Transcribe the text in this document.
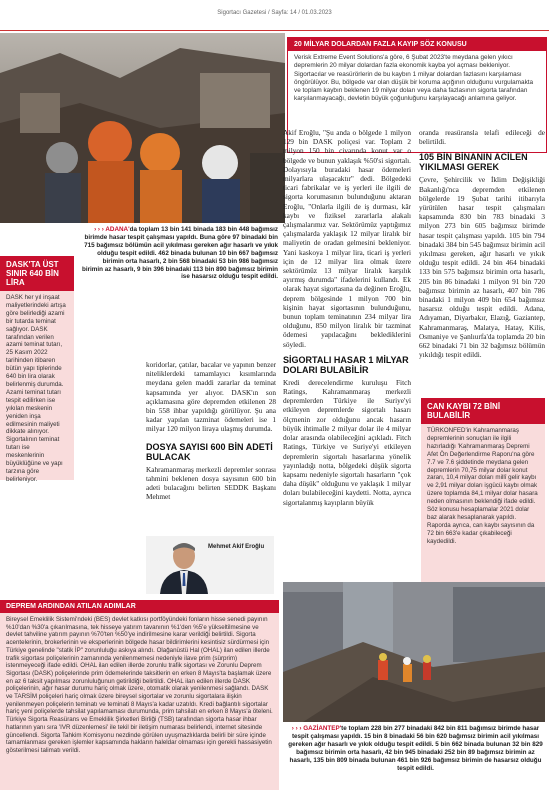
Sigortacı Gazetesi / Sayfa: 14 / 01.03.2023
20 MİLYAR DOLARDAN FAZLA KAYIP SÖZ KONUSU
Verisk Extreme Event Solutions'a göre, 6 Şubat 2023'te meydana gelen yıkıcı depremlerin 20 milyar dolardan fazla ekonomik kayba yol açması bekleniyor. Sigortacılar ve reasürörlerin de bu kaybın 1 milyar dolardan fazlasını karşılaması öngörülüyor. Bu, bölgede var olan düşük bir koruma açığının olduğunu vurgulamakta ve toplam kaybın beklenen 19 milyar doları veya daha fazlasının sigorta tarafından karşılanmayacağı, devletin büyük çoğunluğunu karşılayacağı anlamına geliyor.
DASK'TA ÜST SINIR 640 BİN LİRA
DASK her yıl inşaat maliyetlerindeki artışa göre belirlediği azami bir tutarda teminat sağlıyor. DASK tarafından verilen azami teminat tutarı, 25 Kasım 2022 tarihinden itibaren bütün yapı tiplerinde 640 bin lira olarak belirlenmiş durumda. Azami teminat tutarı tespit edilirken ise yıkılan meskenin yeniden inşa edilmesinin maliyeti dikkate alınıyor. Sigortalının teminat tutarı ise meskenlerinin büyüklüğüne ve yapı tarzına göre belirleniyor.
› › › ADANA'da toplam 13 bin 141 binada 183 bin 448 bağımsız birimde hasar tespit çalışması yapıldı. Buna göre 97 binadaki bin 715 bağımsız bölümün acil yıkılması gereken ağır hasarlı ve yıkık olduğu tespit edildi. 462 binada bulunan 10 bin 667 bağımsız birimin orta hasarlı, 2 bin 568 binadaki 53 bin 986 bağımsız birimin az hasarlı, 9 bin 396 binadaki 113 bin 890 bağımsız birimin ise hasarsız olduğu tespit edildi.
koridorlar, çatılar, bacalar ve yapının benzer niteliklerdeki tamamlayıcı kısımlarında meydana gelen maddi zararlar da teminat kapsamında yer alıyor. DASK'ın son açıklamasına göre depremden etkilenen 28 bin 558 ihbar yapıldığı görülüyor. Şu ana kadar yapılan tazminat ödemeleri ise 1 milyar 120 milyon liraya ulaşmış durumda.
DOSYA SAYISI 600 BİN ADETİ BULACAK
Kahramanmaraş merkezli depremler sonrası tahmini beklenen dosya sayısının 600 bin adeti bulacağını belirten SEDDK Başkanı Mehmet
Mehmet Akif Eroğlu
Akif Eroğlu, "Şu anda o bölgede 1 milyon 129 bin DASK poliçesi var. Toplam 2 milyon 150 bin civarında konut var o bölgede ve bunun yaklaşık %50'si sigortalı. Dolayısıyla buradaki hasar ödemeleri milyarlara ulaşacaktır" dedi. Bölgedeki ticari fabrikalar ve iş yerleri ile ilgili de sigorta korumasının bulunduğunu aktaran Eroğlu, "Onlarla ilgili de iş durması, kâr kaybı ve fiziksel zararlarla alakalı çalışmalarımız var. Sektörümüz yaptığımız çalışmalarda yaklaşık 12 milyar liralık bir maliyetin de oradan gelmesini bekleniyor. Yani kaskoya 1 milyar lira, ticari iş yerleri için de 12 milyar lira olmak üzere sektörümüz 13 milyar liralık karşılık ayırmış durumda" ifadelerini kullandı. Ek olarak hayat sigortasına da değinen Eroğlu, deprem bölgesinde 1 milyon 700 bin kişinin hayat sigortasının bulunduğunu, bunun toplam teminatının 234 milyar lira olduğunu, 850 milyon liralık bir tazminat ödemesi yapılacağını beklediklerini söyledi.
SİGORTALI HASAR 1 MİLYAR DOLARI BULABİLİR
Kredi derecelendirme kuruluşu Fitch Ratings, Kahramanmaraş merkezli depremlerden Türkiye ile Suriye'yi etkileyen depremlerde sigortalı hasarı ölçmenin zor olduğunu ancak hasarın büyük ihtimalle 2 milyar dolar ile 4 milyar dolar arasında olabileceğini açıkladı. Fitch Ratings, Türkiye ve Suriye'yi etkileyen depremlerin sigortalı hasarlarına yönelik yayınladığı notta, bölgedeki düşük sigorta kapsamı nedeniyle sigortalı hasarların "çok daha düşük" olduğunu ve yaklaşık 1 milyar doları bulabileceğini kaydetti. Notta, ayrıca sigortalanmış kayıpların büyük
oranda reasüransla telafi edileceği de belirtildi.
105 BİN BİNANIN ACİLEN YIKILMASI GEREK
Çevre, Şehircilik ve İklim Değişikliği Bakanlığı'nca depremden etkilenen bölgelerde 19 Şubat tarihi itibarıyla yürütülen hasar tespit çalışmaları kapsamında 830 bin 783 binadaki 3 milyon 273 bin 605 bağımsız birimde hasar tespit çalışması yapıldı. 105 bin 794 binadaki 384 bin 545 bağımsız birimin acil yıkılması gereken, ağır hasarlı ve yıkık olduğu tespit edildi. 24 bin 464 binadaki 133 bin 575 bağımsız birimin orta hasarlı, 205 bin 86 binadaki 1 milyon 91 bin 720 bağımsız birimin az hasarlı, 407 bin 786 binadaki 1 milyon 409 bin 654 bağımsız hasarsız olduğu tespit edildi. Adana, Adıyaman, Diyarbakır, Elazığ, Gaziantep, Kahramanmaraş, Malatya, Hatay, Kilis, Osmaniye ve Şanlıurfa'da toplamda 20 bin 662 binadaki 71 bin 32 bağımsız bölümün yıkıldığı tespit edildi.
CAN KAYBI 72 BİNİ BULABİLİR
TÜRKONFED'in Kahramanmaraş depremlerinin sonuçları ile ilgili hazırladığı 'Kahramanmaraş Depremi Afet Ön Değerlendirme Raporu'na göre 7.7 ve 7.6 şiddetinde meydana gelen depremlerin 70,75 milyar dolar konut zararı, 10,4 milyar doları millî gelir kaybı ve 2,91 milyar doları işgücü kaybı olmak üzere toplamda 84,1 milyar dolar hasara neden olmasının beklendiği ifade edildi. Söz konusu hesaplamalar 2021 dolar baz alarak hesaplanarak yapıldı. Raporda ayrıca, can kaybı sayısının da 72 bin 663'e kadar çıkabileceği kaydedildi.
DEPREM ARDINDAN ATILAN ADIMLAR
Bireysel Emeklilik Sistemi'ndeki (BES) devlet katkısı portföyündeki fonların hisse senedi payının %10'dan %30'a çıkarılmasına, tek hisseye yatırım tavanının %1'den %5'e yükseltilmesine ve devlet tahviline yatırım payının %70'ten %50'ye indirilmesine karar verildiği belirtildi. Sigorta acentelerinin, brokerlerinin ve eksperlerinin bölgede hasar bildirimlerini kesintisiz sürdürmesi için Türkiye genelinde "statik İP" zorunluluğu askıya alındı. Olağanüstü Hal (OHAL) ilan edilen illerde trafik sigortası poliçelerinin zamanında yenilenmemesi nedeniyle ilave prim (sürprim) istenmeyeceği ifade edildi. OHAL ilan edilen illerde zorunlu trafik sigortası ve Zorunlu Deprem Sigortası (DASK) poliçelerinde prim ödemelerinde taksitlerin en erken 8 Mayıs'ta başlamak üzere en az 6 taksit yapılması zorunluluğunun getirildiği belirtildi. OHAL ilan edilen illerde DASK poliçelerinin, ağır hasar durumu hariç olmak üzere, otomatik olarak yenilenmesi sağlandı. DASK ve TARSİM poliçeleri hariç olmak üzere bireysel sigortalar ve zorunlu sigortalara ilişkin yenilenmeyen poliçelerin teminatı ve teminati 8 Mayıs'a kadar uzatıldı. Kredi bağlantılı sigortalar hariç yeni poliçelerde tahsilat yapılamaması durumunda, prim tahsilatı en erken 8 Mayıs'a öteleni. Türkiye Sigorta Reasürans ve Emeklilik Şirketleri Birliği (TSB) tarafından sigorta hasar ihbar hatlarının yanı sıra 'IVR düzenlemesi' ile tekil bir iletişim numarası belirlendi, internet sitesinde güncellendi. Sigorta Tahkim Komisyonu nezdinde görülen uyuşmazlıklarda belirli bir süre içinde tamamlanması gereken işlemler kapsamında hakların haleldar olmaması için gerekli hassasiyetin gösterilmesi talimatı verildi.
› › › GAZİANTEP'te toplam 228 bin 277 binadaki 842 bin 811 bağımsız birimde hasar tespit çalışması yapıldı. 15 bin 8 binadaki 56 bin 620 bağımsız birimin acil yıkılması gereken ağır hasarlı ve yıkık olduğu tespit edildi. 5 bin 662 binada bulunan 32 bin 829 bağımsız birimin orta hasarlı, 42 bin 945 binadaki 252 bin 89 bağımsız birimin az hasarlı, 135 bin 809 binada bulunan 461 bin 926 bağımsız birimin de hasarsız olduğu tespit edildi.
